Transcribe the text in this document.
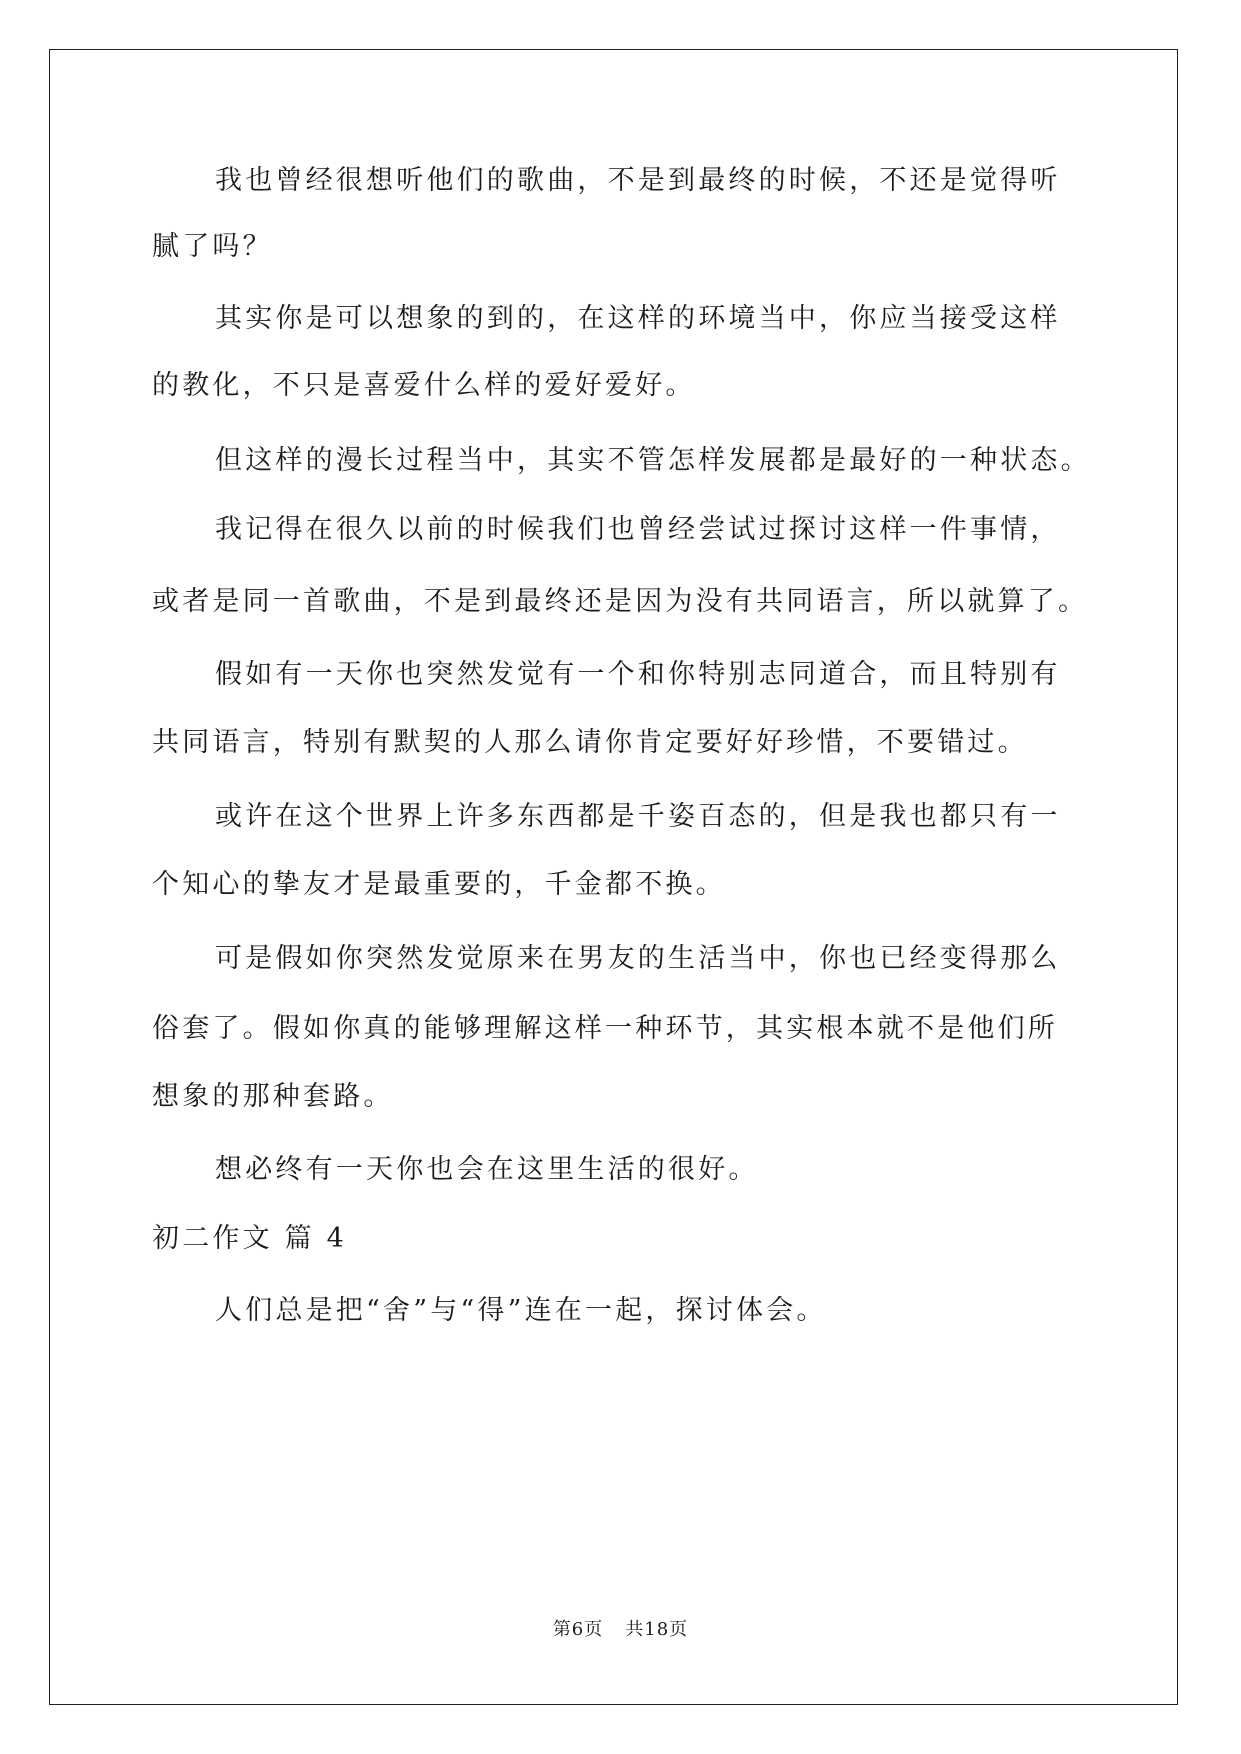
我也曾经很想听他们的歌曲，不是到最终的时候，不还是觉得听
腻了吗？
其实你是可以想象的到的，在这样的环境当中，你应当接受这样
的教化，不只是喜爱什么样的爱好爱好。
但这样的漫长过程当中，其实不管怎样发展都是最好的一种状态。
我记得在很久以前的时候我们也曾经尝试过探讨这样一件事情，
或者是同一首歌曲，不是到最终还是因为没有共同语言，所以就算了。
假如有一天你也突然发觉有一个和你特别志同道合，而且特别有
共同语言，特别有默契的人那么请你肯定要好好珍惜，不要错过。
或许在这个世界上许多东西都是千姿百态的，但是我也都只有一
个知心的挚友才是最重要的，千金都不换。
可是假如你突然发觉原来在男友的生活当中，你也已经变得那么
俗套了。假如你真的能够理解这样一种环节，其实根本就不是他们所
想象的那种套路。
想必终有一天你也会在这里生活的很好。
初二作文 篇 4
人们总是把“舍”与“得”连在一起，探讨体会。
第6页 共18页
